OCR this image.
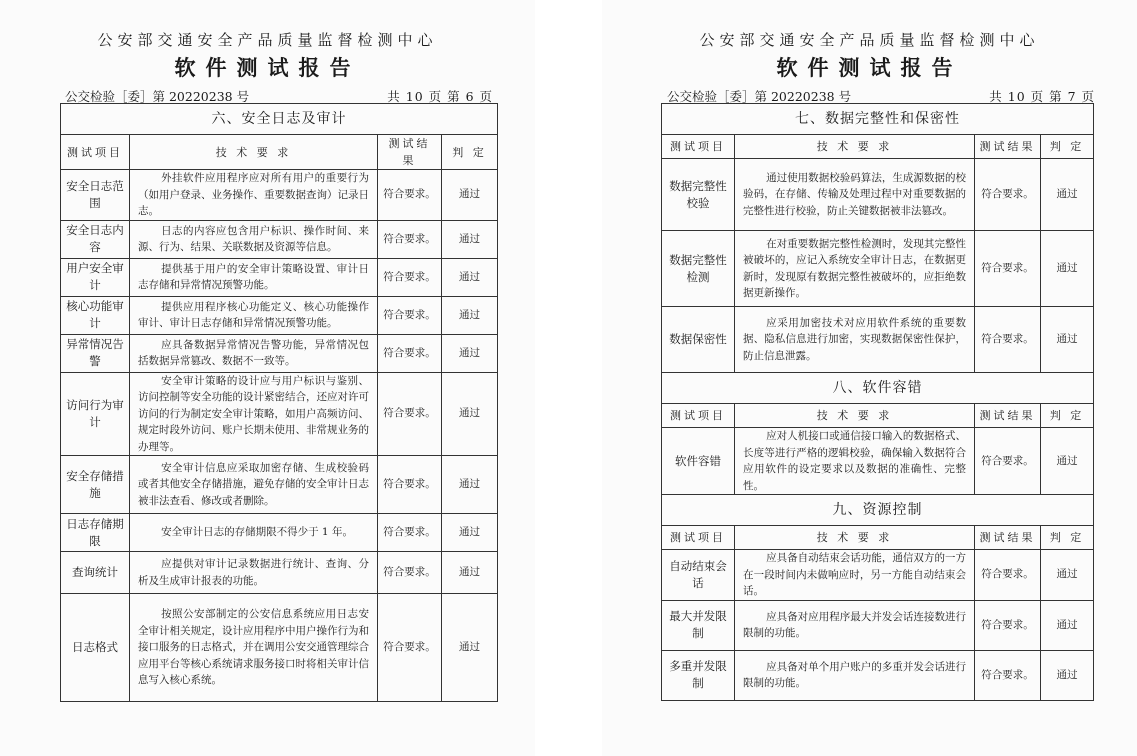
公安部交通安全产品质量监督检测中心
软件测试报告
公交检验［委］第 20220238 号	共 10 页 第 6 页
六、安全日志及审计			
测试项目	技 术 要 求	测试结果	判 定
安全日志范围	外挂软件应用程序应对所有用户的重要行为（如用户登录、业务操作、重要数据查询）记录日志。	符合要求。	通过
安全日志内容	日志的内容应包含用户标识、操作时间、来源、行为、结果、关联数据及资源等信息。	符合要求。	通过
用户安全审计	提供基于用户的安全审计策略设置、审计日志存储和异常情况预警功能。	符合要求。	通过
核心功能审计	提供应用程序核心功能定义、核心功能操作审计、审计日志存储和异常情况预警功能。	符合要求。	通过
异常情况告警	应具备数据异常情况告警功能，异常情况包括数据异常篡改、数据不一致等。	符合要求。	通过
访问行为审计	安全审计策略的设计应与用户标识与鉴别、访问控制等安全功能的设计紧密结合，还应对许可访问的行为制定安全审计策略，如用户高频访问、规定时段外访问、账户长期未使用、非常规业务的办理等。	符合要求。	通过
安全存储措施	安全审计信息应采取加密存储、生成校验码或者其他安全存储措施，避免存储的安全审计日志被非法查看、修改或者删除。	符合要求。	通过
日志存储期限	安全审计日志的存储期限不得少于 1 年。	符合要求。	通过
查询统计	应提供对审计记录数据进行统计、查询、分析及生成审计报表的功能。	符合要求。	通过
日志格式	按照公安部制定的公安信息系统应用日志安全审计相关规定，设计应用程序中用户操作行为和接口服务的日志格式，并在调用公安交通管理综合应用平台等核心系统请求服务接口时将相关审计信息写入核心系统。	符合要求。	通过
公安部交通安全产品质量监督检测中心
软件测试报告
公交检验［委］第 20220238 号	共 10 页 第 7 页
七、数据完整性和保密性			
测试项目	技 术 要 求	测试结果	判 定
数据完整性校验	通过使用数据校验码算法，生成源数据的校验码，在存储、传输及处理过程中对重要数据的完整性进行校验，防止关键数据被非法篡改。	符合要求。	通过
数据完整性检测	在对重要数据完整性检测时，发现其完整性被破坏的，应记入系统安全审计日志，在数据更新时，发现原有数据完整性被破坏的，应拒绝数据更新操作。	符合要求。	通过
数据保密性	应采用加密技术对应用软件系统的重要数据、隐私信息进行加密，实现数据保密性保护，防止信息泄露。	符合要求。	通过
八、软件容错			
测试项目	技 术 要 求	测试结果	判 定
软件容错	应对人机接口或通信接口输入的数据格式、长度等进行严格的逻辑校验，确保输入数据符合应用软件的设定要求以及数据的准确性、完整性。	符合要求。	通过
九、资源控制			
测试项目	技 术 要 求	测试结果	判 定
自动结束会话	应具备自动结束会话功能，通信双方的一方在一段时间内未做响应时，另一方能自动结束会话。	符合要求。	通过
最大并发限制	应具备对应用程序最大并发会话连接数进行限制的功能。	符合要求。	通过
多重并发限制	应具备对单个用户账户的多重并发会话进行限制的功能。	符合要求。	通过
